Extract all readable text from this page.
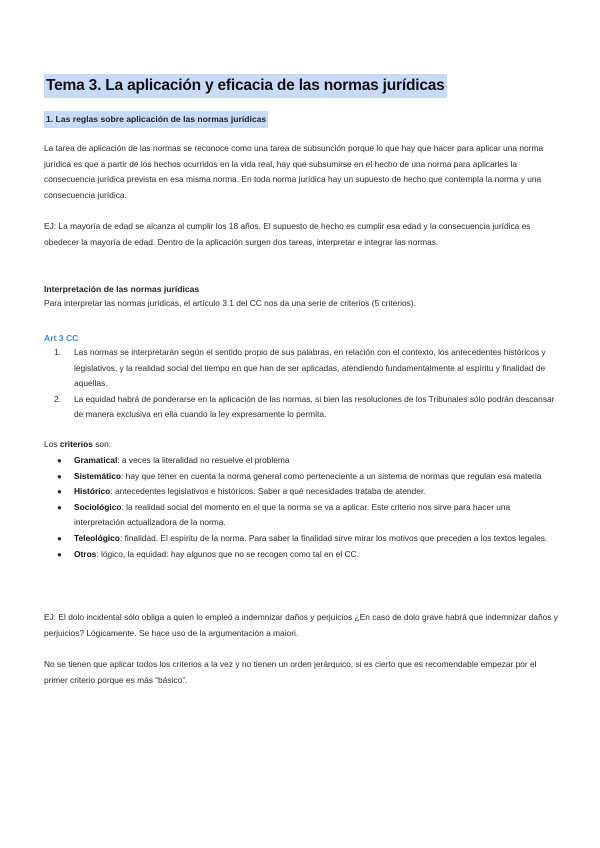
Tema 3. La aplicación y eficacia de las normas jurídicas
1. Las reglas sobre aplicación de las normas jurídicas

La tarea de aplicación de las normas se reconoce como una tarea de subsunción porque lo que hay que hacer para aplicar una norma jurídica es que a partir de los hechos ocurridos en la vida real, hay que subsumirse en el hecho de una norma para aplicarles la consecuencia jurídica prevista en esa misma norma. En toda norma jurídica hay un supuesto de hecho que contempla la norma y una consecuencia jurídica.

EJ: La mayoría de edad se alcanza al cumplir los 18 años. El supuesto de hecho es cumplir esa edad y la consecuencia jurídica es obedecer la mayoría de edad. Dentro de la aplicación surgen dos tareas, interpretar e integrar las normas.

Interpretación de las normas jurídicas

Para interpretar las normas jurídicas, el artículo 3.1 del CC nos da una serie de criterios (5 criterios).

Art 3 CC

1. Las normas se interpretarán según el sentido propio de sus palabras, en relación con el contexto, los antecedentes históricos y legislativos, y la realidad social del tiempo en que han de ser aplicadas, atendiendo fundamentalmente al espíritu y finalidad de aquellas.
2. La equidad habrá de ponderarse en la aplicación de las normas, si bien las resoluciones de los Tribunales sólo podrán descansar de manera exclusiva en ella cuando la ley expresamente lo permita.

Los criterios son:

● Gramatical: a veces la literalidad no resuelve el problema
● Sistemático: hay que tener en cuenta la norma general como perteneciente a un sistema de normas que regulan esa materia
● Histórico: antecedentes legislativos e históricos. Saber a qué necesidades trataba de atender.
● Sociológico: la realidad social del momento en el que la norma se va a aplicar. Este criterio nos sirve para hacer una interpretación actualizadora de la norma.
● Teleológico: finalidad. El espíritu de la norma. Para saber la finalidad sirve mirar los motivos que preceden a los textos legales.
● Otros: lógico, la equidad: hay algunos que no se recogen como tal en el CC.

EJ: El dolo incidental sólo obliga a quien lo empleó a indemnizar daños y perjuicios ¿En caso de dolo grave habrá que indemnizar daños y perjuicios? Lógicamente. Se hace uso de la argumentación a maiori.

No se tienen que aplicar todos los criterios a la vez y no tienen un orden jerárquico, si es cierto que es recomendable empezar por el primer criterio porque es más “básico”.
